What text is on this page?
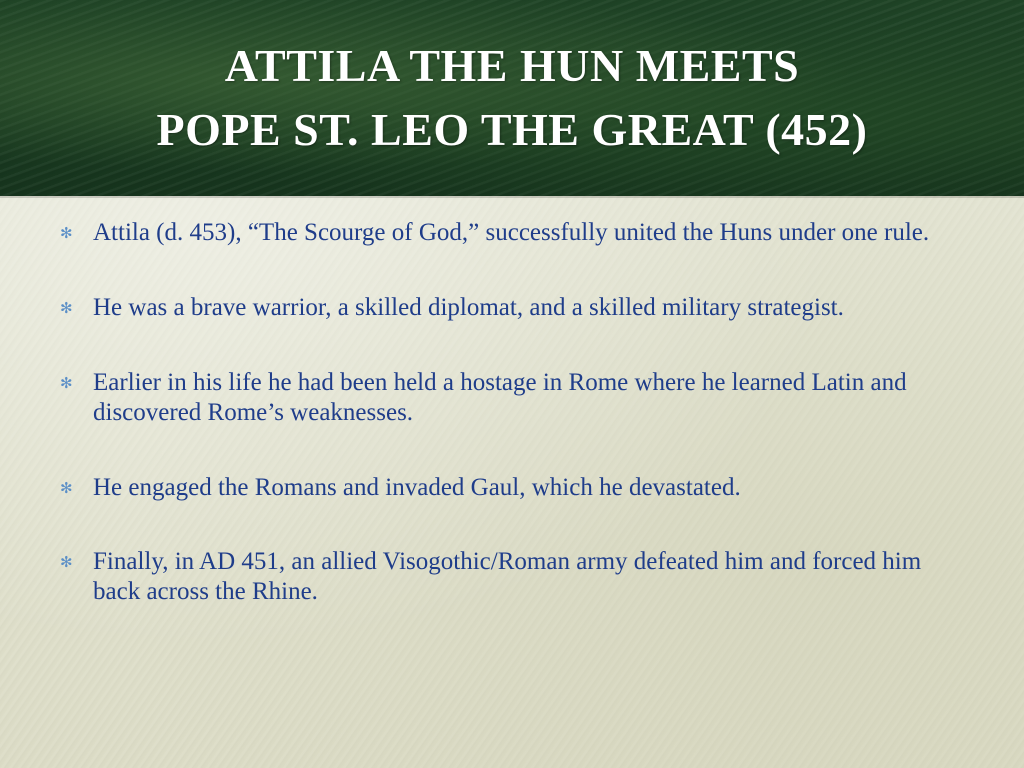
ATTILA THE HUN MEETS
POPE ST. LEO THE GREAT (452)
✻ Attila (d. 453), “The Scourge of God,” successfully united the Huns under one rule.
✻ He was a brave warrior, a skilled diplomat, and a skilled military strategist.
✻ Earlier in his life he had been held a hostage in Rome where he learned Latin and discovered Rome’s weaknesses.
✻ He engaged the Romans and invaded Gaul, which he devastated.
✻ Finally, in AD 451, an allied Visogothic/Roman army defeated him and forced him back across the Rhine.
